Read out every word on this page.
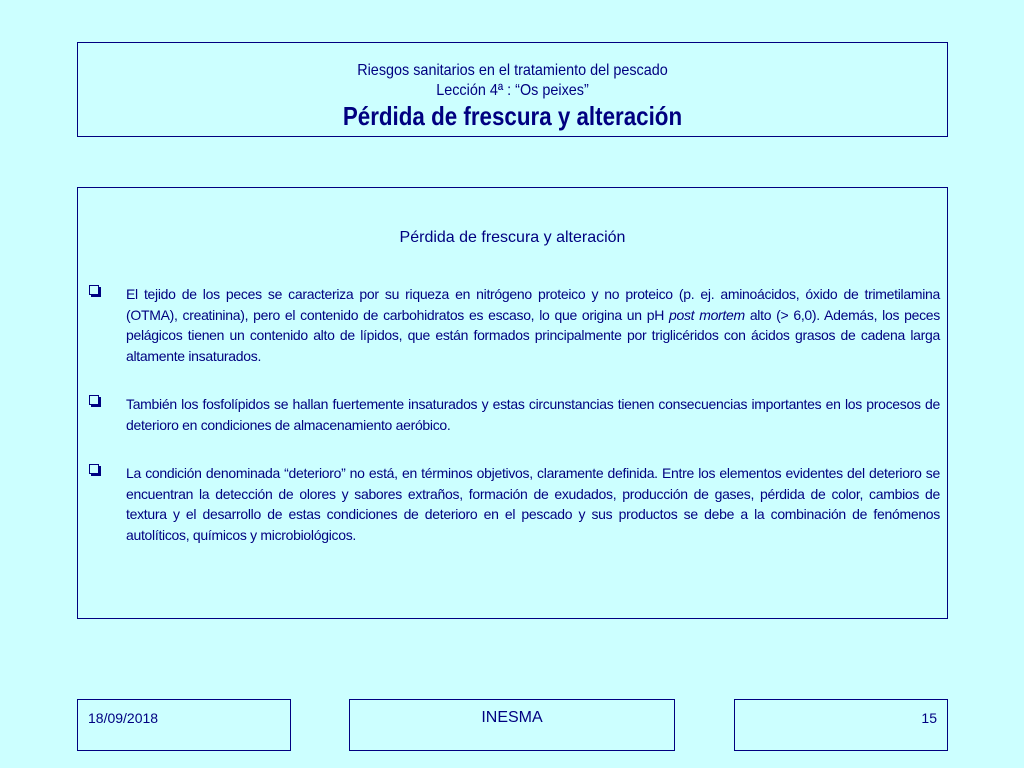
Riesgos sanitarios en el tratamiento del pescado
Lección 4ª : “Os peixes”
Pérdida de frescura y alteración
Pérdida de frescura y alteración
El tejido de los peces se caracteriza por su riqueza en nitrógeno proteico y no proteico (p. ej. aminoácidos, óxido de trimetilamina (OTMA), creatinina), pero el contenido de carbohidratos es escaso, lo que origina un pH post mortem alto (> 6,0). Además, los peces pelágicos tienen un contenido alto de lípidos, que están formados principalmente por triglicéridos con ácidos grasos de cadena larga altamente insaturados.
También los fosfolípidos se hallan fuertemente insaturados y estas circunstancias tienen consecuencias importantes en los procesos de deterioro en condiciones de almacenamiento aeróbico.
La condición denominada “deterioro” no está, en términos objetivos, claramente definida. Entre los elementos evidentes del deterioro se encuentran la detección de olores y sabores extraños, formación de exudados, producción de gases, pérdida de color, cambios de textura y el desarrollo de estas condiciones de deterioro en el pescado y sus productos se debe a la combinación de fenómenos autolíticos, químicos y microbiológicos.
18/09/2018	INESMA	15
